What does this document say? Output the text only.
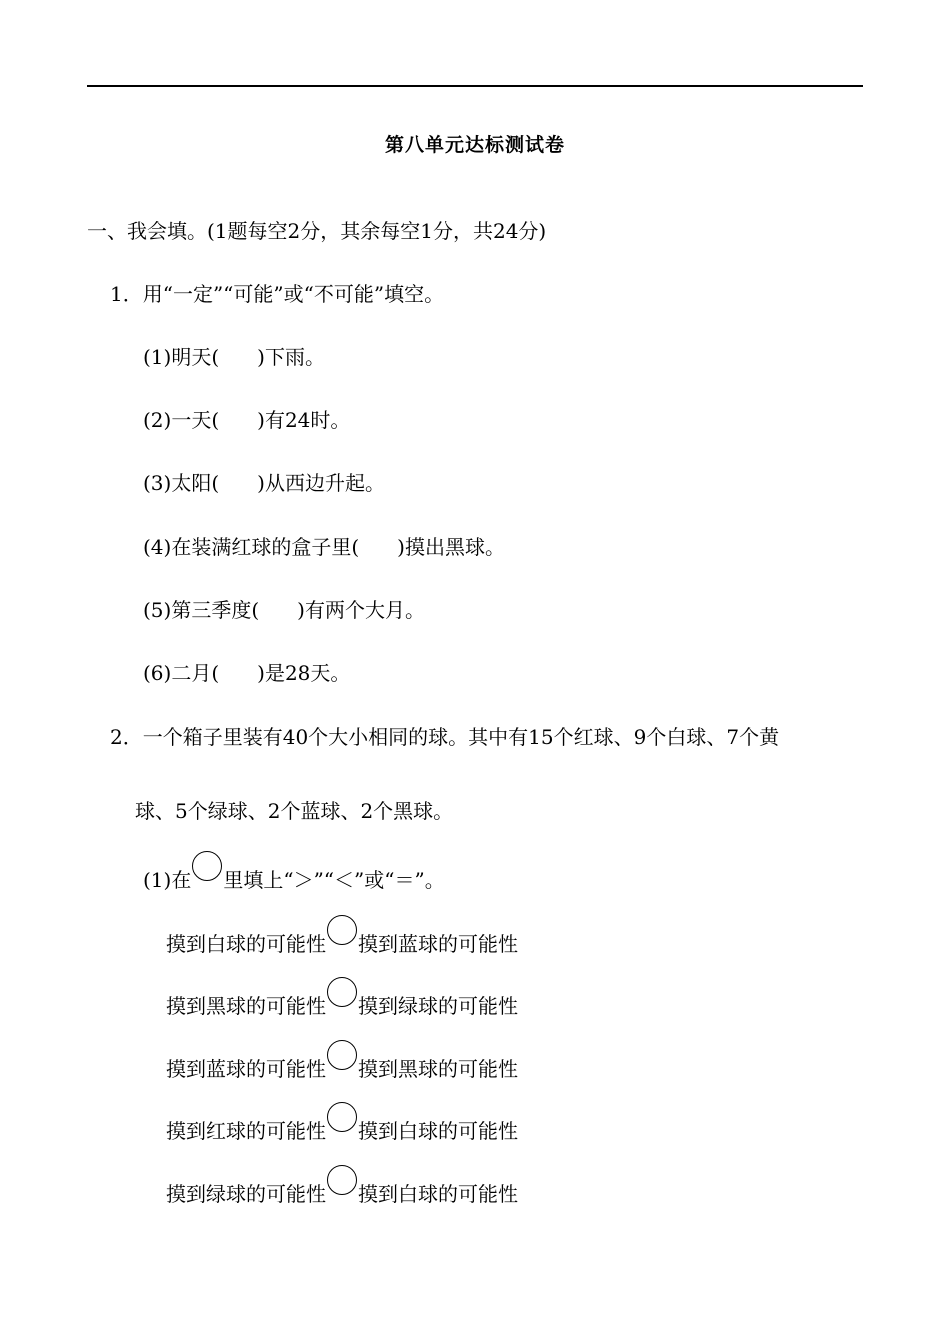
第八单元达标测试卷
一、我会填。(1题每空2分，其余每空1分，共24分)
1．用“一定”“可能”或“不可能”填空。
(1)明天( )下雨。
(2)一天( )有24时。
(3)太阳( )从西边升起。
(4)在装满红球的盒子里( )摸出黑球。
(5)第三季度( )有两个大月。
(6)二月( )是28天。
2．一个箱子里装有40个大小相同的球。其中有15个红球、9个白球、7个黄
球、5个绿球、2个蓝球、2个黑球。
(1)在 里填上“＞”“＜”或“＝”。
摸到白球的可能性 摸到蓝球的可能性
摸到黑球的可能性 摸到绿球的可能性
摸到蓝球的可能性 摸到黑球的可能性
摸到红球的可能性 摸到白球的可能性
摸到绿球的可能性 摸到白球的可能性
